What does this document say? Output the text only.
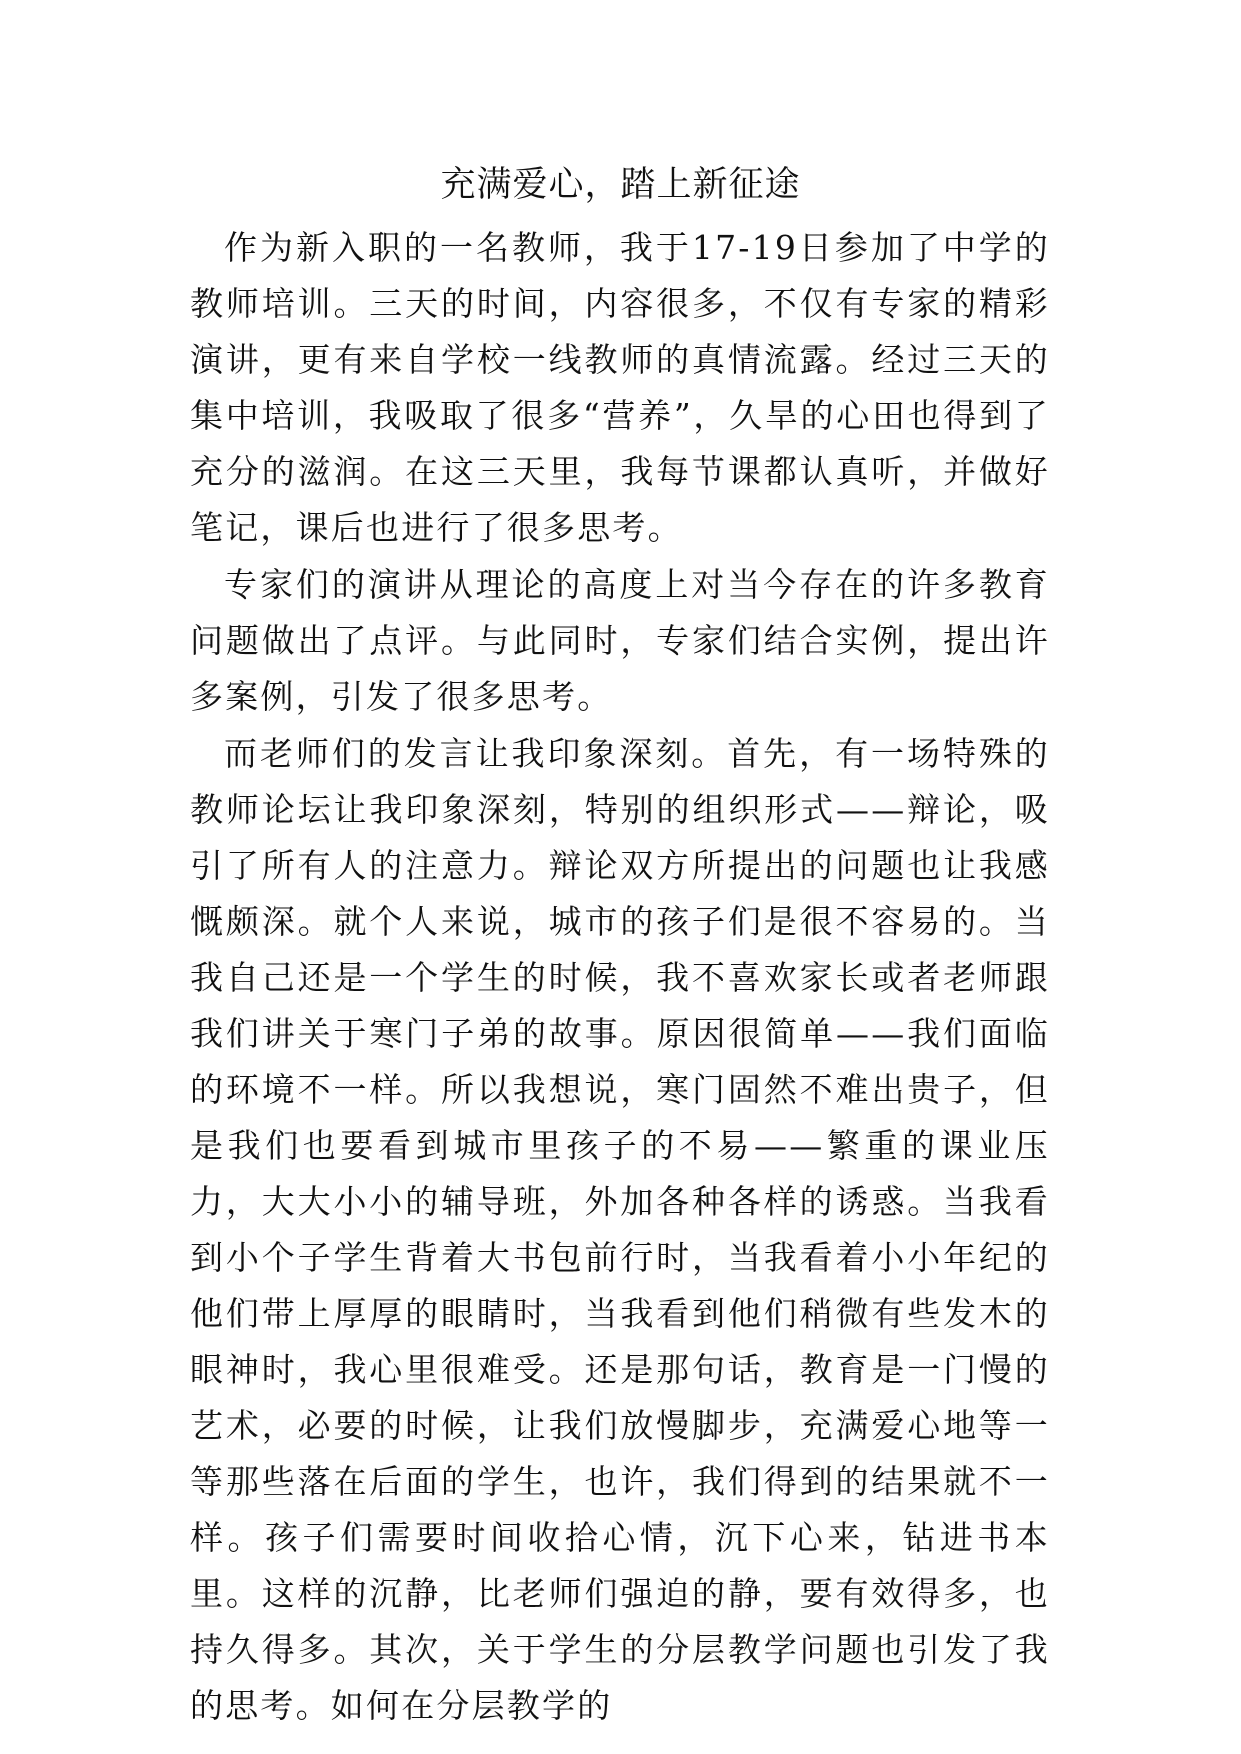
充满爱心，踏上新征途

作为新入职的一名教师，我于17-19日参加了中学的教师培训。三天的时间，内容很多，不仅有专家的精彩演讲，更有来自学校一线教师的真情流露。经过三天的集中培训，我吸取了很多“营养”，久旱的心田也得到了充分的滋润。在这三天里，我每节课都认真听，并做好笔记，课后也进行了很多思考。

专家们的演讲从理论的高度上对当今存在的许多教育问题做出了点评。与此同时，专家们结合实例，提出许多案例，引发了很多思考。

而老师们的发言让我印象深刻。首先，有一场特殊的教师论坛让我印象深刻，特别的组织形式——辩论，吸引了所有人的注意力。辩论双方所提出的问题也让我感慨颇深。就个人来说，城市的孩子们是很不容易的。当我自己还是一个学生的时候，我不喜欢家长或者老师跟我们讲关于寒门子弟的故事。原因很简单——我们面临的环境不一样。所以我想说，寒门固然不难出贵子，但是我们也要看到城市里孩子的不易——繁重的课业压力，大大小小的辅导班，外加各种各样的诱惑。当我看到小个子学生背着大书包前行时，当我看着小小年纪的他们带上厚厚的眼睛时，当我看到他们稍微有些发木的眼神时，我心里很难受。还是那句话，教育是一门慢的艺术，必要的时候，让我们放慢脚步，充满爱心地等一等那些落在后面的学生，也许，我们得到的结果就不一样。孩子们需要时间收拾心情，沉下心来，钻进书本里。这样的沉静，比老师们强迫的静，要有效得多，也持久得多。其次，关于学生的分层教学问题也引发了我的思考。如何在分层教学的
